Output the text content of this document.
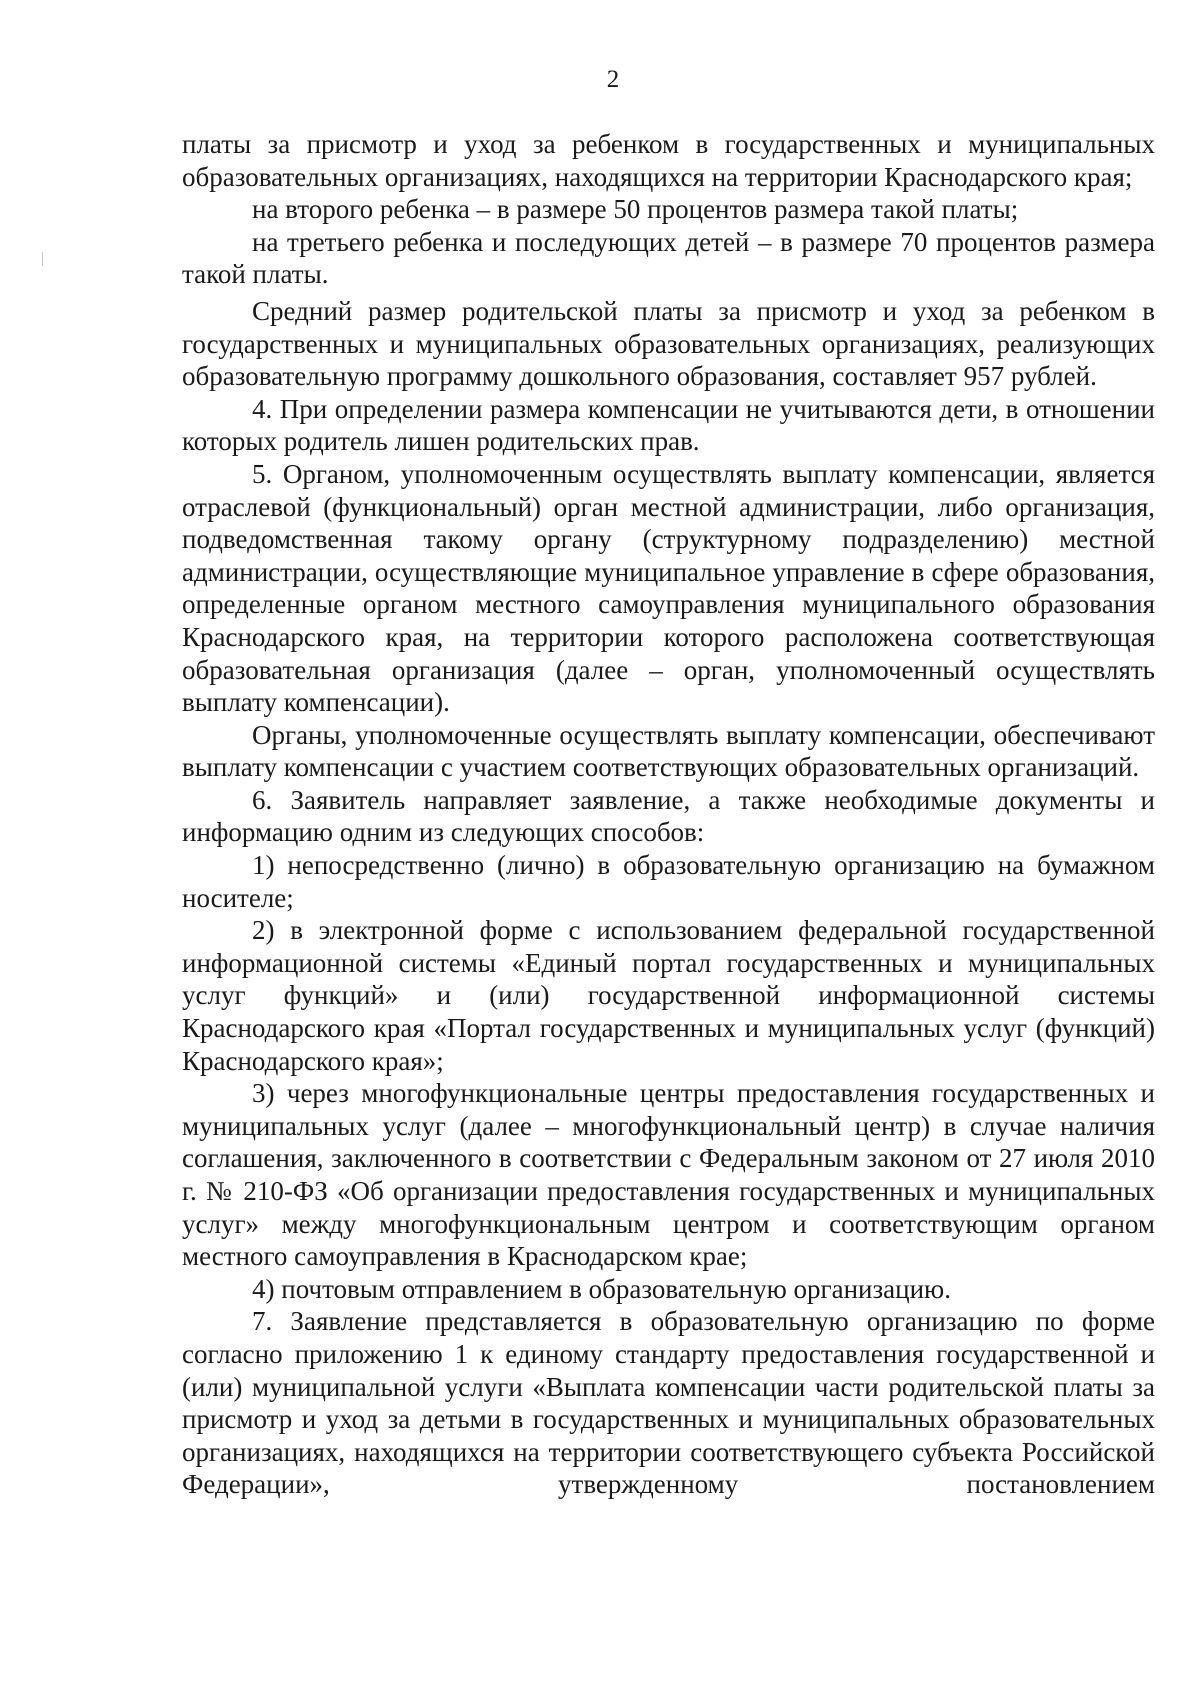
2

платы за присмотр и уход за ребенком в государственных и муниципальных образовательных организациях, находящихся на территории Краснодарского края;

на второго ребенка – в размере 50 процентов размера такой платы;

на третьего ребенка и последующих детей – в размере 70 процентов размера такой платы.

Средний размер родительской платы за присмотр и уход за ребенком в государственных и муниципальных образовательных организациях, реализующих образовательную программу дошкольного образования, составляет 957 рублей.

4. При определении размера компенсации не учитываются дети, в отношении которых родитель лишен родительских прав.

5. Органом, уполномоченным осуществлять выплату компенсации, является отраслевой (функциональный) орган местной администрации, либо организация, подведомственная такому органу (структурному подразделению) местной администрации, осуществляющие муниципальное управление в сфере образования, определенные органом местного самоуправления муниципального образования Краснодарского края, на территории которого расположена соответствующая образовательная организация (далее – орган, уполномоченный осуществлять выплату компенсации).

Органы, уполномоченные осуществлять выплату компенсации, обеспечивают выплату компенсации с участием соответствующих образовательных организаций.

6. Заявитель направляет заявление, а также необходимые документы и информацию одним из следующих способов:

1) непосредственно (лично) в образовательную организацию на бумажном носителе;

2) в электронной форме с использованием федеральной государственной информационной системы «Единый портал государственных и муниципальных услуг функций» и (или) государственной информационной системы Краснодарского края «Портал государственных и муниципальных услуг (функций) Краснодарского края»;

3) через многофункциональные центры предоставления государственных и муниципальных услуг (далее – многофункциональный центр) в случае наличия соглашения, заключенного в соответствии с Федеральным законом от 27 июля 2010 г. № 210-ФЗ «Об организации предоставления государственных и муниципальных услуг» между многофункциональным центром и соответствующим органом местного самоуправления в Краснодарском крае;

4) почтовым отправлением в образовательную организацию.

7. Заявление представляется в образовательную организацию по форме согласно приложению 1 к единому стандарту предоставления государственной и (или) муниципальной услуги «Выплата компенсации части родительской платы за присмотр и уход за детьми в государственных и муниципальных образовательных организациях, находящихся на территории соответствующего субъекта Российской Федерации», утвержденному постановлением
